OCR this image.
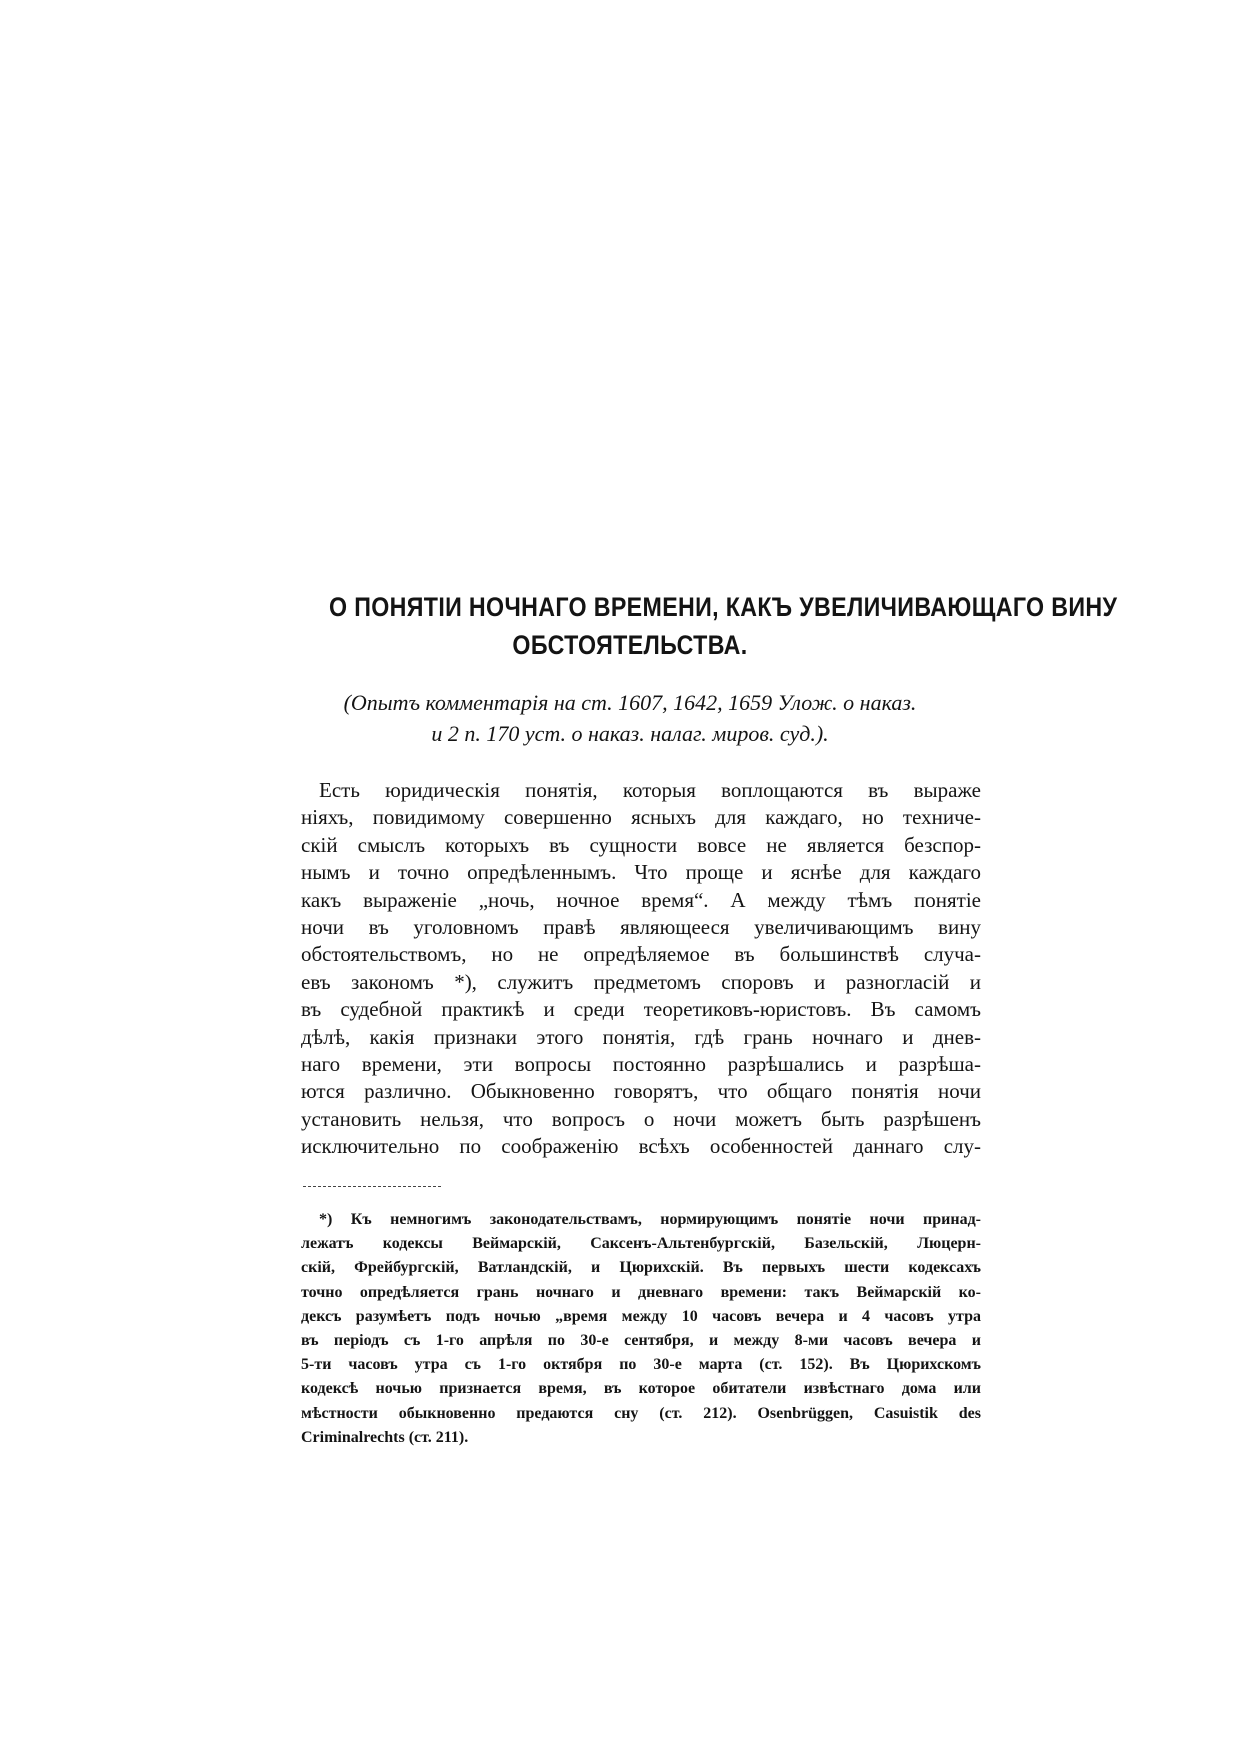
О ПОНЯТІИ НОЧНАГО ВРЕМЕНИ, КАКЪ УВЕЛИЧИВАЮЩАГО ВИНУ
ОБСТОЯТЕЛЬСТВА.
(Опытъ комментарія на ст. 1607, 1642, 1659 Улож. о наказ.
и 2 п. 170 уст. о наказ. налаг. миров. суд.).
Есть юридическія понятія, которыя воплощаются въ выраже
ніяхъ, повидимому совершенно ясныхъ для каждаго, но техниче-
скій смыслъ которыхъ въ сущности вовсе не является безспор-
нымъ и точно опредѣленнымъ. Что проще и яснѣе для каждаго
какъ выраженіе „ночь, ночное время“. А между тѣмъ понятіе
ночи въ уголовномъ правѣ являющееся увеличивающимъ вину
обстоятельствомъ, но не опредѣляемое въ большинствѣ случа-
евъ закономъ *), служитъ предметомъ споровъ и разногласій и
въ судебной практикѣ и среди теоретиковъ-юристовъ. Въ самомъ
дѣлѣ, какія признаки этого понятія, гдѣ грань ночнаго и днев-
наго времени, эти вопросы постоянно разрѣшались и разрѣша-
ются различно. Обыкновенно говорятъ, что общаго понятія ночи
установить нельзя, что вопросъ о ночи можетъ быть разрѣшенъ
исключительно по соображенію всѣхъ особенностей даннаго слу-
*) Къ немногимъ законодательствамъ, нормирующимъ понятіе ночи принад-
лежатъ кодексы Веймарскій, Саксенъ-Альтенбургскій, Базельскій, Люцерн-
скій, Фрейбургскій, Ватландскій, и Цюрихскій. Въ первыхъ шести кодексахъ
точно опредѣляется грань ночнаго и дневнаго времени: такъ Веймарскій ко-
дексъ разумѣетъ подъ ночью „время между 10 часовъ вечера и 4 часовъ утра
въ періодъ съ 1-го апрѣля по 30-е сентября, и между 8-ми часовъ вечера и
5-ти часовъ утра съ 1-го октября по 30-е марта (ст. 152). Въ Цюрихскомъ
кодексѣ ночью признается время, въ которое обитатели извѣстнаго дома или
мѣстности обыкновенно предаются сну (ст. 212). Osenbrüggen, Casuistik des
Criminalrechts (ст. 211).
